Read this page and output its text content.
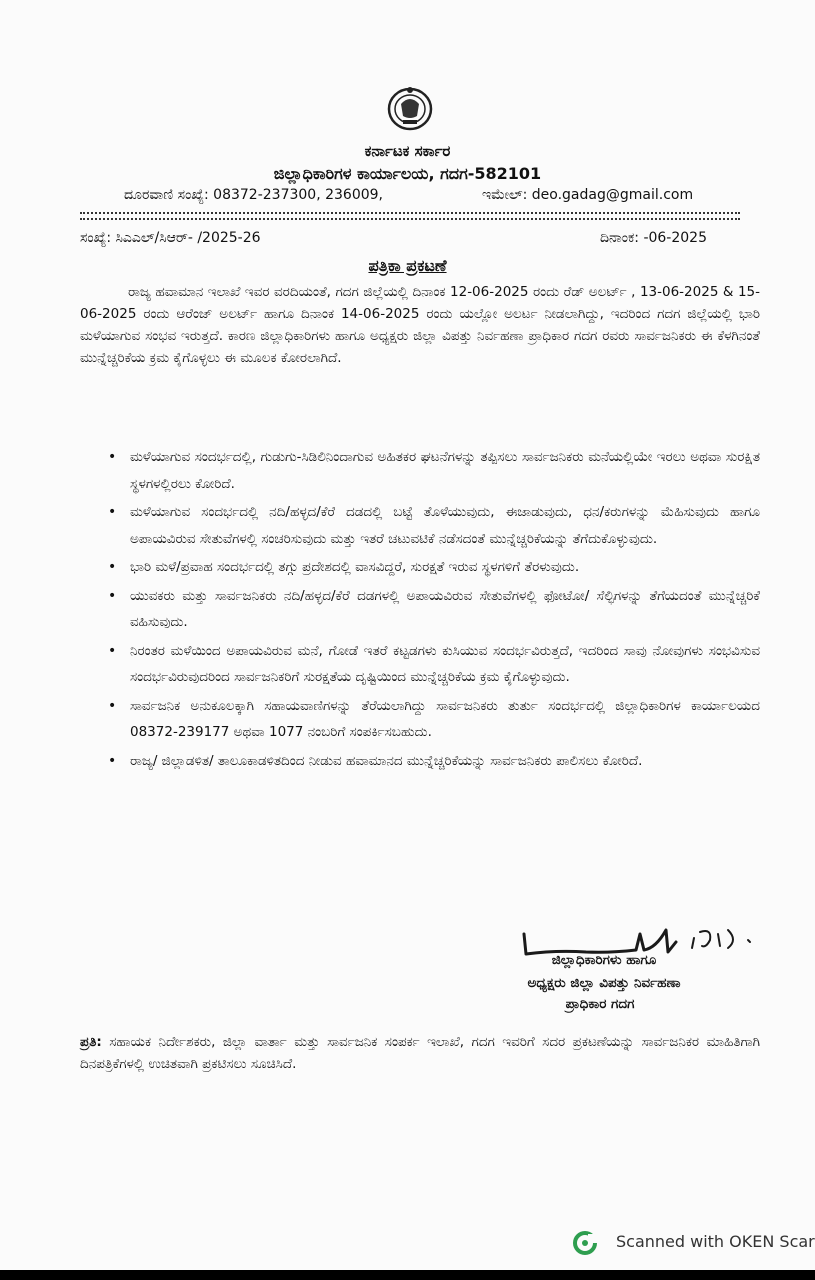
ಕರ್ನಾಟಕ ಸರ್ಕಾರ
ಜಿಲ್ಲಾಧಿಕಾರಿಗಳ ಕಾರ್ಯಾಲಯ, ಗದಗ-582101
ದೂರವಾಣಿ ಸಂಖ್ಯೆ: 08372-237300, 236009,	ಇಮೇಲ್: deo.gadag@gmail.com
ಸಂಖ್ಯೆ: ಸಿಎಎಲ್/ಸಿಆರ್- /2025-26	ದಿನಾಂಕ: -06-2025
ಪತ್ರಿಕಾ ಪ್ರಕಟಣೆ
ರಾಜ್ಯ ಹವಾಮಾನ ಇಲಾಖೆ ಇವರ ವರದಿಯಂತೆ, ಗದಗ ಜಿಲ್ಲೆಯಲ್ಲಿ ದಿನಾಂಕ 12-06-2025 ರಂದು ರೆಡ್ ಅಲರ್ಟ್ , 13-06-2025 & 15-06-2025 ರಂದು ಆರೆಂಜ್ ಅಲರ್ಟ್ ಹಾಗೂ ದಿನಾಂಕ 14-06-2025 ರಂದು ಯಲ್ಲೋ ಅಲರ್ಟ ನೀಡಲಾಗಿದ್ದು, ಇದರಿಂದ ಗದಗ ಜಿಲ್ಲೆಯಲ್ಲಿ ಭಾರಿ ಮಳೆಯಾಗುವ ಸಂಭವ ಇರುತ್ತದೆ. ಕಾರಣ ಜಿಲ್ಲಾಧಿಕಾರಿಗಳು ಹಾಗೂ ಅಧ್ಯಕ್ಷರು ಜಿಲ್ಲಾ ವಿಪತ್ತು ನಿರ್ವಹಣಾ ಪ್ರಾಧಿಕಾರ ಗದಗ ರವರು ಸಾರ್ವಜನಿಕರು ಈ ಕೆಳಗಿನಂತೆ ಮುನ್ನೆಚ್ಚರಿಕೆಯ ಕ್ರಮ ಕೈಗೊಳ್ಳಲು ಈ ಮೂಲಕ ಕೋರಲಾಗಿದೆ.
• ಮಳೆಯಾಗುವ ಸಂದರ್ಭದಲ್ಲಿ, ಗುಡುಗು-ಸಿಡಿಲಿನಿಂದಾಗುವ ಅಹಿತಕರ ಘಟನೆಗಳನ್ನು ತಪ್ಪಿಸಲು ಸಾರ್ವಜನಿಕರು ಮನೆಯಲ್ಲಿಯೇ ಇರಲು ಅಥವಾ ಸುರಕ್ಷಿತ ಸ್ಥಳಗಳಲ್ಲಿರಲು ಕೋರಿದೆ.
• ಮಳೆಯಾಗುವ ಸಂದರ್ಭದಲ್ಲಿ ನದಿ/ಹಳ್ಳದ/ಕೆರೆ ದಡದಲ್ಲಿ ಬಟ್ಟೆ ತೊಳೆಯುವುದು, ಈಜಾಡುವುದು, ಧನ/ಕರುಗಳನ್ನು ಮೆಹಿಸುವುದು ಹಾಗೂ ಅಪಾಯವಿರುವ ಸೇತುವೆಗಳಲ್ಲಿ ಸಂಚರಿಸುವುದು ಮತ್ತು ಇತರೆ ಚಟುವಟಿಕೆ ನಡೆಸದಂತೆ ಮುನ್ನೆಚ್ಚರಿಕೆಯನ್ನು ತೆಗೆದುಕೊಳ್ಳುವುದು.
• ಭಾರಿ ಮಳೆ/ಪ್ರವಾಹ ಸಂದರ್ಭದಲ್ಲಿ ತಗ್ಗು ಪ್ರದೇಶದಲ್ಲಿ ವಾಸವಿದ್ದರೆ, ಸುರಕ್ಷತೆ ಇರುವ ಸ್ಥಳಗಳಿಗೆ ತೆರಳುವುದು.
• ಯುವಕರು ಮತ್ತು ಸಾರ್ವಜನಿಕರು ನದಿ/ಹಳ್ಳದ/ಕೆರೆ ದಡಗಳಲ್ಲಿ ಅಪಾಯವಿರುವ ಸೇತುವೆಗಳಲ್ಲಿ ಫೋಟೋ/ ಸೆಲ್ಫಿಗಳನ್ನು ತೆಗೆಯದಂತೆ ಮುನ್ನೆಚ್ಚರಿಕೆ ವಹಿಸುವುದು.
• ನಿರಂತರ ಮಳೆಯಿಂದ ಅಪಾಯವಿರುವ ಮನೆ, ಗೋಡೆ ಇತರೆ ಕಟ್ಟಡಗಳು ಕುಸಿಯುವ ಸಂದರ್ಭವಿರುತ್ತದೆ, ಇದರಿಂದ ಸಾವು ನೋವುಗಳು ಸಂಭವಿಸುವ ಸಂದರ್ಭವಿರುವುದರಿಂದ ಸಾರ್ವಜನಿಕರಿಗೆ ಸುರಕ್ಷತೆಯ ದೃಷ್ಟಿಯಿಂದ ಮುನ್ನೆಚ್ಚರಿಕೆಯ ಕ್ರಮ ಕೈಗೊಳ್ಳುವುದು.
• ಸಾರ್ವಜನಿಕ ಅನುಕೂಲಕ್ಕಾಗಿ ಸಹಾಯವಾಣಿಗಳನ್ನು ತೆರೆಯಲಾಗಿದ್ದು ಸಾರ್ವಜನಿಕರು ತುರ್ತು ಸಂದರ್ಭದಲ್ಲಿ ಜಿಲ್ಲಾಧಿಕಾರಿಗಳ ಕಾರ್ಯಾಲಯದ 08372-239177 ಅಥವಾ 1077 ನಂಬರಿಗೆ ಸಂಪರ್ಕಿಸಬಹುದು.
• ರಾಜ್ಯ/ ಜಿಲ್ಲಾಡಳಿತ/ ತಾಲೂಕಾಡಳಿತದಿಂದ ನೀಡುವ ಹವಾಮಾನದ ಮುನ್ನೆಚ್ಚರಿಕೆಯನ್ನು ಸಾರ್ವಜನಿಕರು ಪಾಲಿಸಲು ಕೋರಿದೆ.
ಜಿಲ್ಲಾಧಿಕಾರಿಗಳು ಹಾಗೂ
ಅಧ್ಯಕ್ಷರು ಜಿಲ್ಲಾ ವಿಪತ್ತು ನಿರ್ವಹಣಾ
ಪ್ರಾಧಿಕಾರ ಗದಗ
ಪ್ರತಿ: ಸಹಾಯಕ ನಿರ್ದೇಶಕರು, ಜಿಲ್ಲಾ ವಾರ್ತಾ ಮತ್ತು ಸಾರ್ವಜನಿಕ ಸಂಪರ್ಕ ಇಲಾಖೆ, ಗದಗ ಇವರಿಗೆ ಸದರ ಪ್ರಕಟಣೆಯನ್ನು ಸಾರ್ವಜನಿಕರ ಮಾಹಿತಿಗಾಗಿ ದಿನಪತ್ರಿಕೆಗಳಲ್ಲಿ ಉಚಿತವಾಗಿ ಪ್ರಕಟಿಸಲು ಸೂಚಿಸಿದೆ.
Scanned with OKEN Scar
